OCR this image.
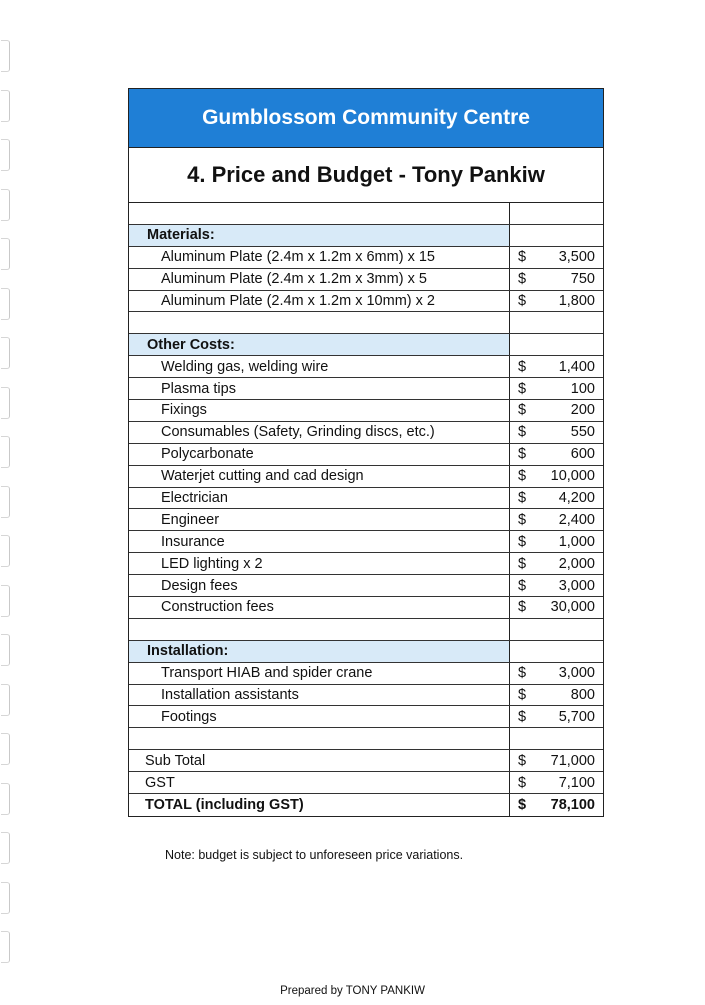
Gumblossom Community Centre
4. Price and Budget - Tony Pankiw
Materials:
Aluminum Plate (2.4m x 1.2m x 6mm) x 15	$ 3,500
Aluminum Plate (2.4m x 1.2m x 3mm) x 5	$	750
Aluminum Plate (2.4m x 1.2m x 10mm) x 2	$ 1,800
Other Costs:
Welding gas, welding wire	$ 1,400
Plasma tips	$	100
Fixings	$	200
Consumables (Safety, Grinding discs, etc.)	$	550
Polycarbonate	$	600
Waterjet cutting and cad design	$ 10,000
Electrician	$ 4,200
Engineer	$ 2,400
Insurance	$ 1,000
LED lighting x 2	$ 2,000
Design fees	$ 3,000
Construction fees	$ 30,000
Installation:
Transport HIAB and spider crane	$ 3,000
Installation assistants	$	800
Footings	$ 5,700
Sub Total	$ 71,000
GST	$ 7,100
TOTAL (including GST)	$ 78,100
Note: budget is subject to unforeseen price variations.
Prepared by TONY PANKIW
